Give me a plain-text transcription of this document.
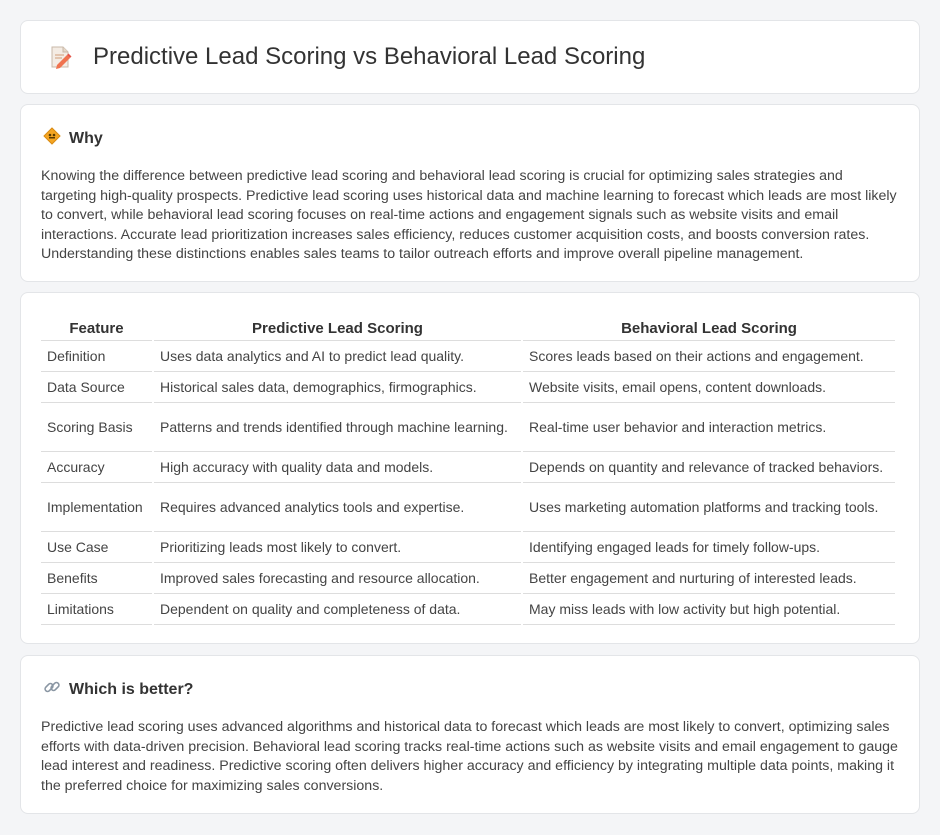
Predictive Lead Scoring vs Behavioral Lead Scoring
Why

Knowing the difference between predictive lead scoring and behavioral lead scoring is crucial for optimizing sales strategies and targeting high-quality prospects. Predictive lead scoring uses historical data and machine learning to forecast which leads are most likely to convert, while behavioral lead scoring focuses on real-time actions and engagement signals such as website visits and email interactions. Accurate lead prioritization increases sales efficiency, reduces customer acquisition costs, and boosts conversion rates. Understanding these distinctions enables sales teams to tailor outreach efforts and improve overall pipeline management.

Feature	Predictive Lead Scoring	Behavioral Lead Scoring
Definition	Uses data analytics and AI to predict lead quality.	Scores leads based on their actions and engagement.
Data Source	Historical sales data, demographics, firmographics.	Website visits, email opens, content downloads.
Scoring Basis	Patterns and trends identified through machine learning.	Real-time user behavior and interaction metrics.
Accuracy	High accuracy with quality data and models.	Depends on quantity and relevance of tracked behaviors.
Implementation	Requires advanced analytics tools and expertise.	Uses marketing automation platforms and tracking tools.
Use Case	Prioritizing leads most likely to convert.	Identifying engaged leads for timely follow-ups.
Benefits	Improved sales forecasting and resource allocation.	Better engagement and nurturing of interested leads.
Limitations	Dependent on quality and completeness of data.	May miss leads with low activity but high potential.
Which is better?

Predictive lead scoring uses advanced algorithms and historical data to forecast which leads are most likely to convert, optimizing sales efforts with data-driven precision. Behavioral lead scoring tracks real-time actions such as website visits and email engagement to gauge lead interest and readiness. Predictive scoring often delivers higher accuracy and efficiency by integrating multiple data points, making it the preferred choice for maximizing sales conversions.
